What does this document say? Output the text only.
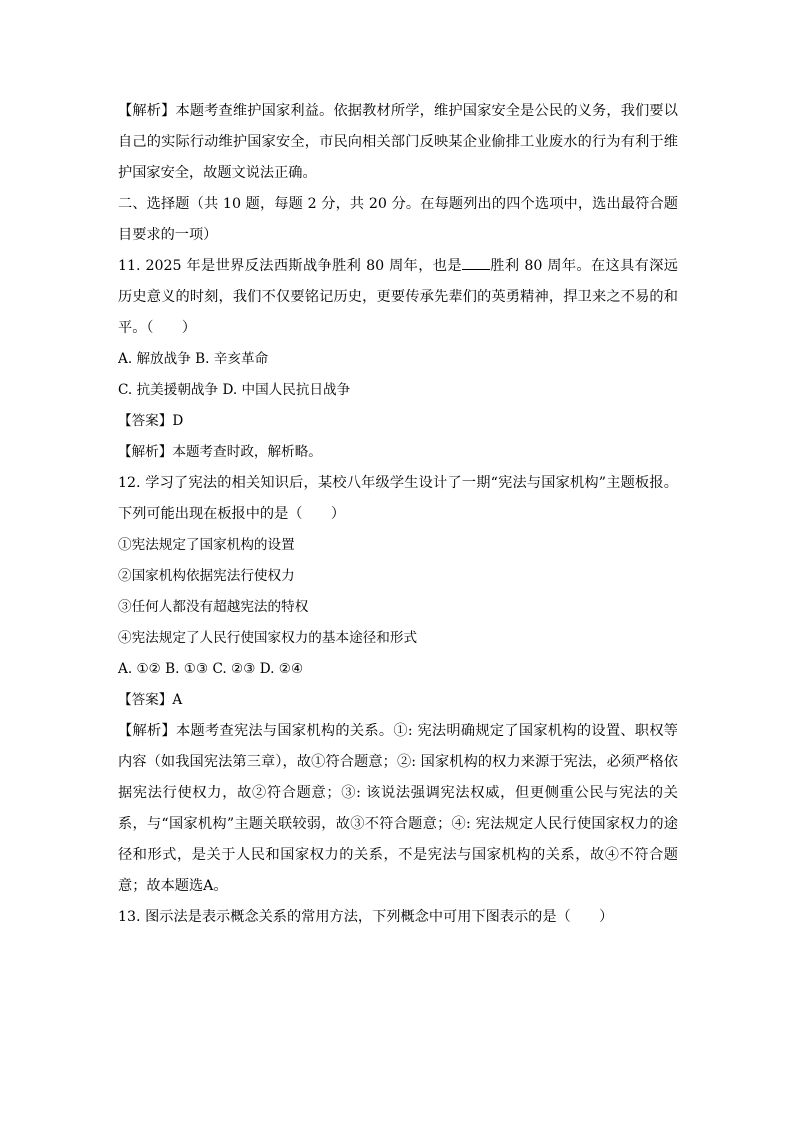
【解析】本题考查维护国家利益。依据教材所学，维护国家安全是公民的义务，我们要以自己的实际行动维护国家安全，市民向相关部门反映某企业偷排工业废水的行为有利于维护国家安全，故题文说法正确。

二、选择题（共 10 题，每题 2 分，共 20 分。在每题列出的四个选项中，选出最符合题目要求的一项）

11. 2025 年是世界反法西斯战争胜利 80 周年，也是 胜利 80 周年。在这具有深远历史意义的时刻，我们不仅要铭记历史，更要传承先辈们的英勇精神，捍卫来之不易的和平。（　　）

A. 解放战争 B. 辛亥革命

C. 抗美援朝战争 D. 中国人民抗日战争

【答案】D

【解析】本题考查时政，解析略。

12. 学习了宪法的相关知识后，某校八年级学生设计了一期“宪法与国家机构”主题板报。下列可能出现在板报中的是（　　）

①宪法规定了国家机构的设置

②国家机构依据宪法行使权力

③任何人都没有超越宪法的特权

④宪法规定了人民行使国家权力的基本途径和形式

A. ①② B. ①③ C. ②③ D. ②④

【答案】A

【解析】本题考查宪法与国家机构的关系。①: 宪法明确规定了国家机构的设置、职权等内容（如我国宪法第三章），故①符合题意；②: 国家机构的权力来源于宪法，必须严格依据宪法行使权力，故②符合题意；③: 该说法强调宪法权威，但更侧重公民与宪法的关系，与“国家机构”主题关联较弱，故③不符合题意；④: 宪法规定人民行使国家权力的途径和形式，是关于人民和国家权力的关系，不是宪法与国家机构的关系，故④不符合题意；故本题选A。

13. 图示法是表示概念关系的常用方法，下列概念中可用下图表示的是（　　）
